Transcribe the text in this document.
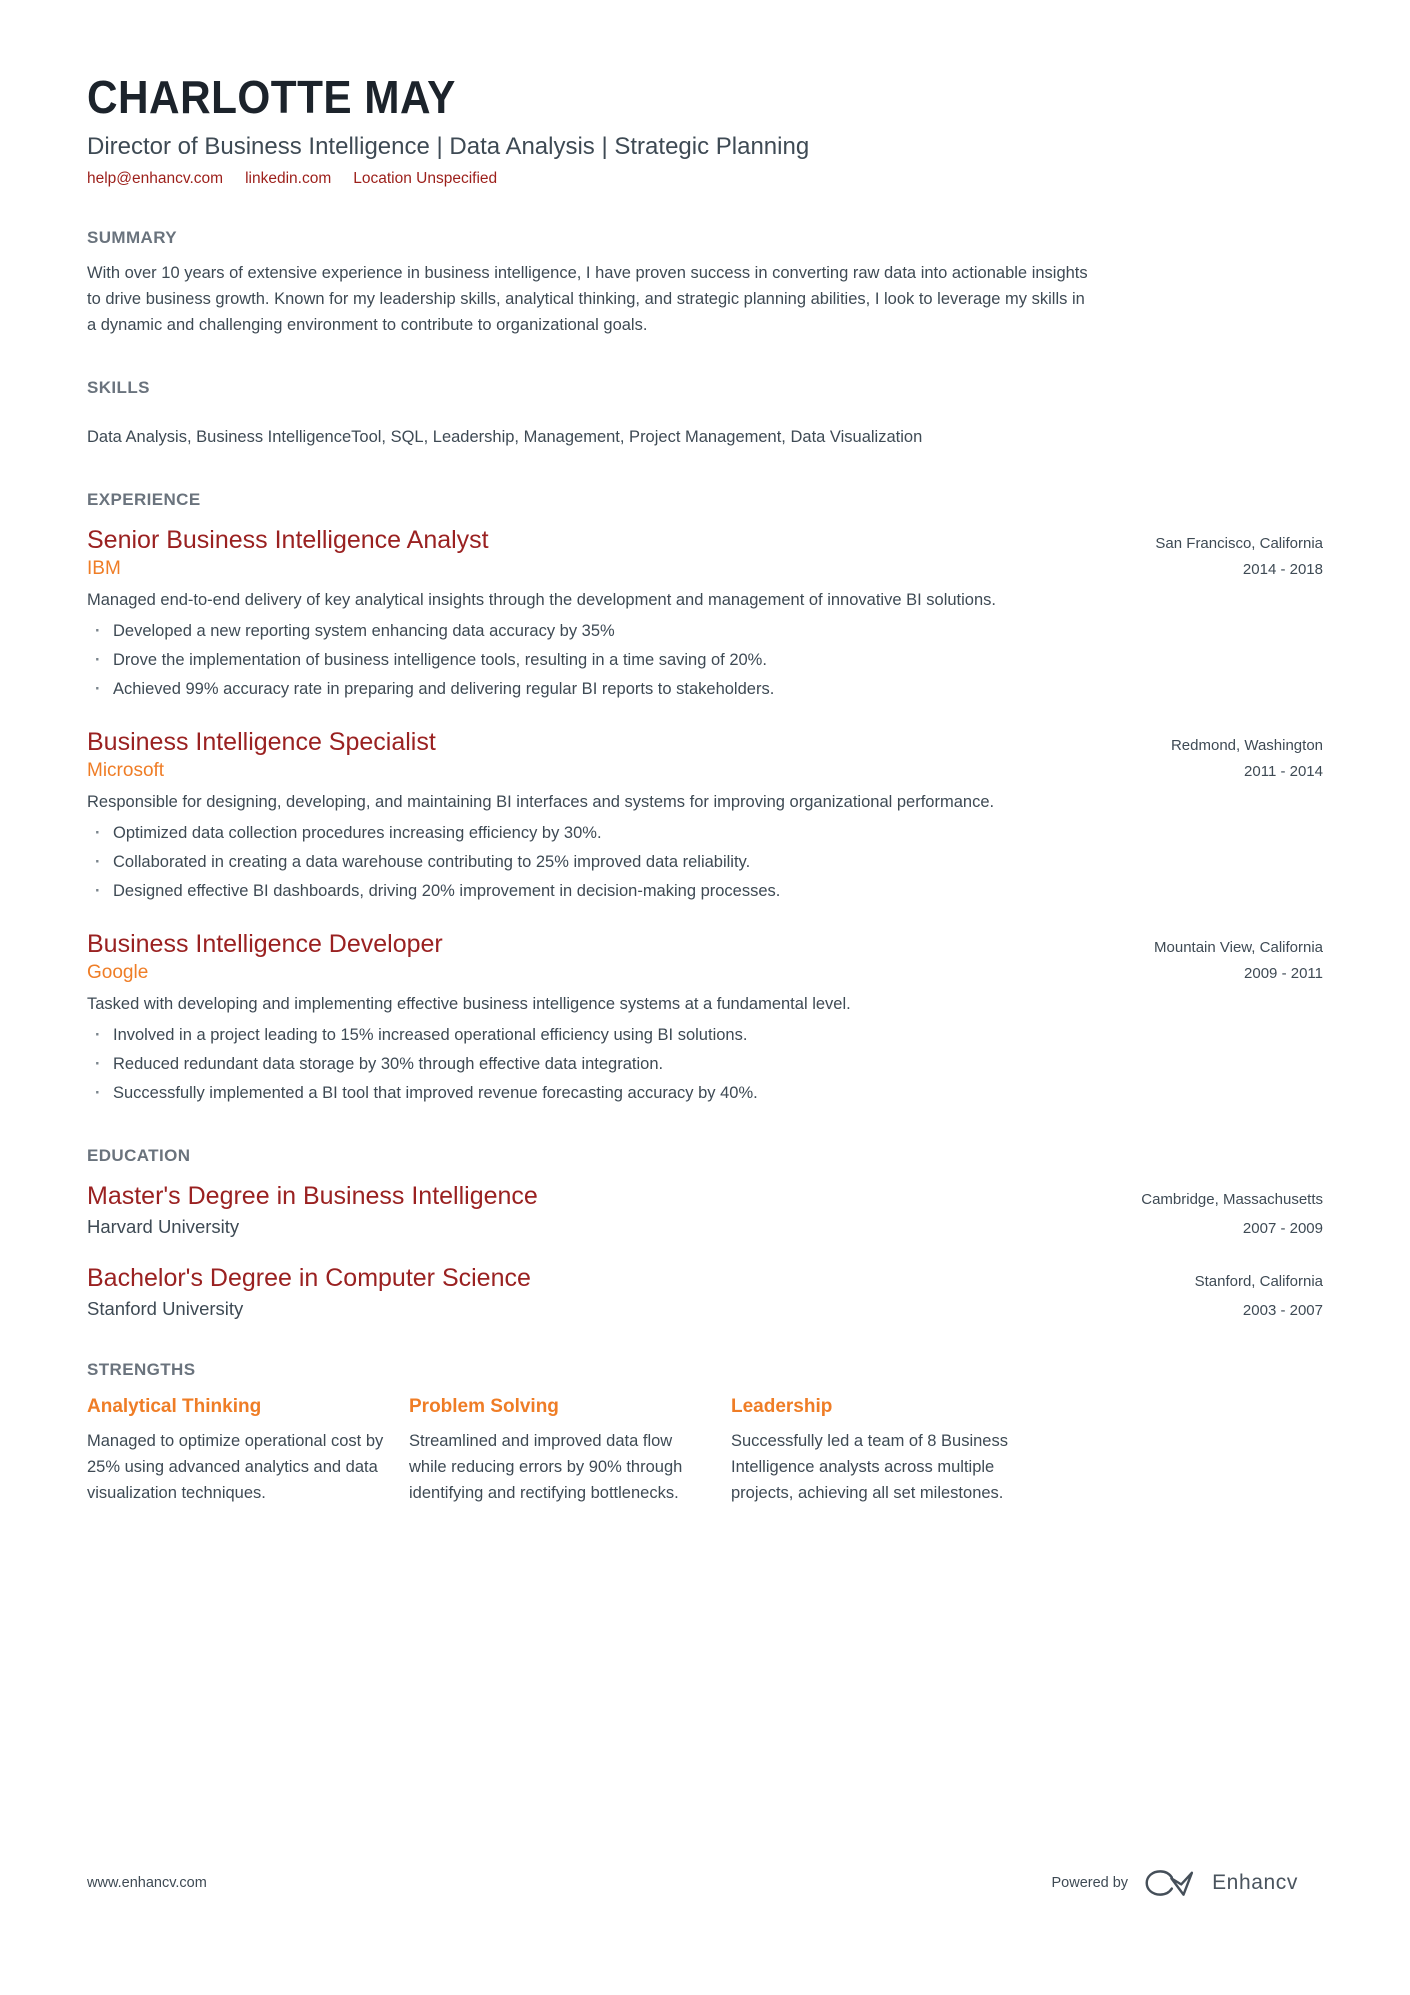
CHARLOTTE MAY
Director of Business Intelligence | Data Analysis | Strategic Planning
help@enhancv.com linkedin.com Location Unspecified
SUMMARY

With over 10 years of extensive experience in business intelligence, I have proven success in converting raw data into actionable insights to drive business growth. Known for my leadership skills, analytical thinking, and strategic planning abilities, I look to leverage my skills in a dynamic and challenging environment to contribute to organizational goals.

SKILLS

Data Analysis, Business IntelligenceTool, SQL, Leadership, Management, Project Management, Data Visualization

EXPERIENCE
Senior Business Intelligence Analyst	San Francisco, California
IBM	2014 - 2018

Managed end-to-end delivery of key analytical insights through the development and management of innovative BI solutions.

· Developed a new reporting system enhancing data accuracy by 35%
· Drove the implementation of business intelligence tools, resulting in a time saving of 20%.
· Achieved 99% accuracy rate in preparing and delivering regular BI reports to stakeholders.
Business Intelligence Specialist	Redmond, Washington
Microsoft	2011 - 2014

Responsible for designing, developing, and maintaining BI interfaces and systems for improving organizational performance.

· Optimized data collection procedures increasing efficiency by 30%.
· Collaborated in creating a data warehouse contributing to 25% improved data reliability.
· Designed effective BI dashboards, driving 20% improvement in decision-making processes.
Business Intelligence Developer	Mountain View, California
Google	2009 - 2011

Tasked with developing and implementing effective business intelligence systems at a fundamental level.

· Involved in a project leading to 15% increased operational efficiency using BI solutions.
· Reduced redundant data storage by 30% through effective data integration.
· Successfully implemented a BI tool that improved revenue forecasting accuracy by 40%.
EDUCATION
Master's Degree in Business Intelligence	Cambridge, Massachusetts
Harvard University	2007 - 2009
Bachelor's Degree in Computer Science	Stanford, California
Stanford University	2003 - 2007
STRENGTHS
Analytical Thinking

Managed to optimize operational cost by 25% using advanced analytics and data visualization techniques.

Problem Solving

Streamlined and improved data flow while reducing errors by 90% through identifying and rectifying bottlenecks.

Leadership

Successfully led a team of 8 Business Intelligence analysts across multiple projects, achieving all set milestones.

www.enhancv.com	Powered by	Enhancv
